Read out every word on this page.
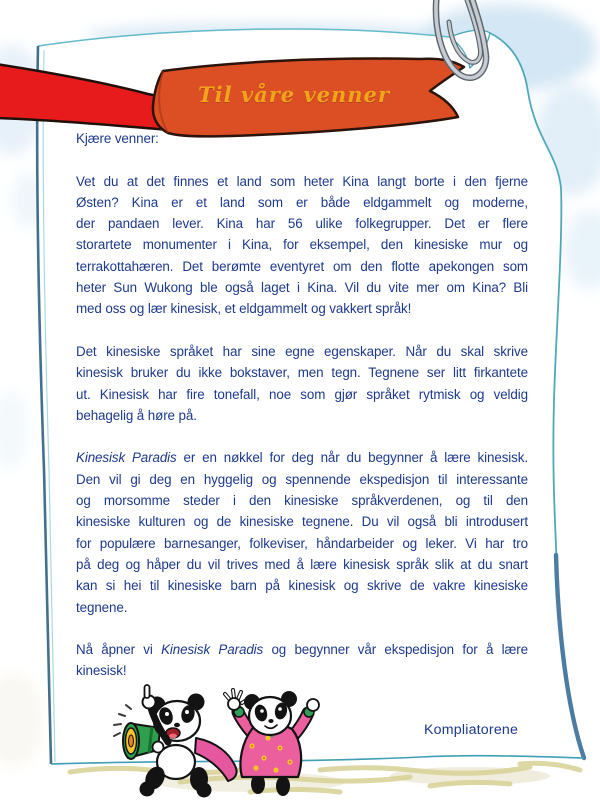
Til våre venner
Kjære venner:
Vet du at det finnes et land som heter Kina langt borte i den fjerne
Østen? Kina er et land som er både eldgammelt og moderne,
der pandaen lever. Kina har 56 ulike folkegrupper. Det er flere
storartete monumenter i Kina, for eksempel, den kinesiske mur og
terrakottahæren. Det berømte eventyret om den flotte apekongen som
heter Sun Wukong ble også laget i Kina. Vil du vite mer om Kina? Bli
med oss og lær kinesisk, et eldgammelt og vakkert språk!
Det kinesiske språket har sine egne egenskaper. Når du skal skrive
kinesisk bruker du ikke bokstaver, men tegn. Tegnene ser litt firkantete
ut. Kinesisk har fire tonefall, noe som gjør språket rytmisk og veldig
behagelig å høre på.
Kinesisk Paradis er en nøkkel for deg når du begynner å lære kinesisk.
Den vil gi deg en hyggelig og spennende ekspedisjon til interessante
og morsomme steder i den kinesiske språkverdenen, og til den
kinesiske kulturen og de kinesiske tegnene. Du vil også bli introdusert
for populære barnesanger, folkeviser, håndarbeider og leker. Vi har tro
på deg og håper du vil trives med å lære kinesisk språk slik at du snart
kan si hei til kinesiske barn på kinesisk og skrive de vakre kinesiske
tegnene.
Nå åpner vi Kinesisk Paradis og begynner vår ekspedisjon for å lære
kinesisk!
Kompliatorene
